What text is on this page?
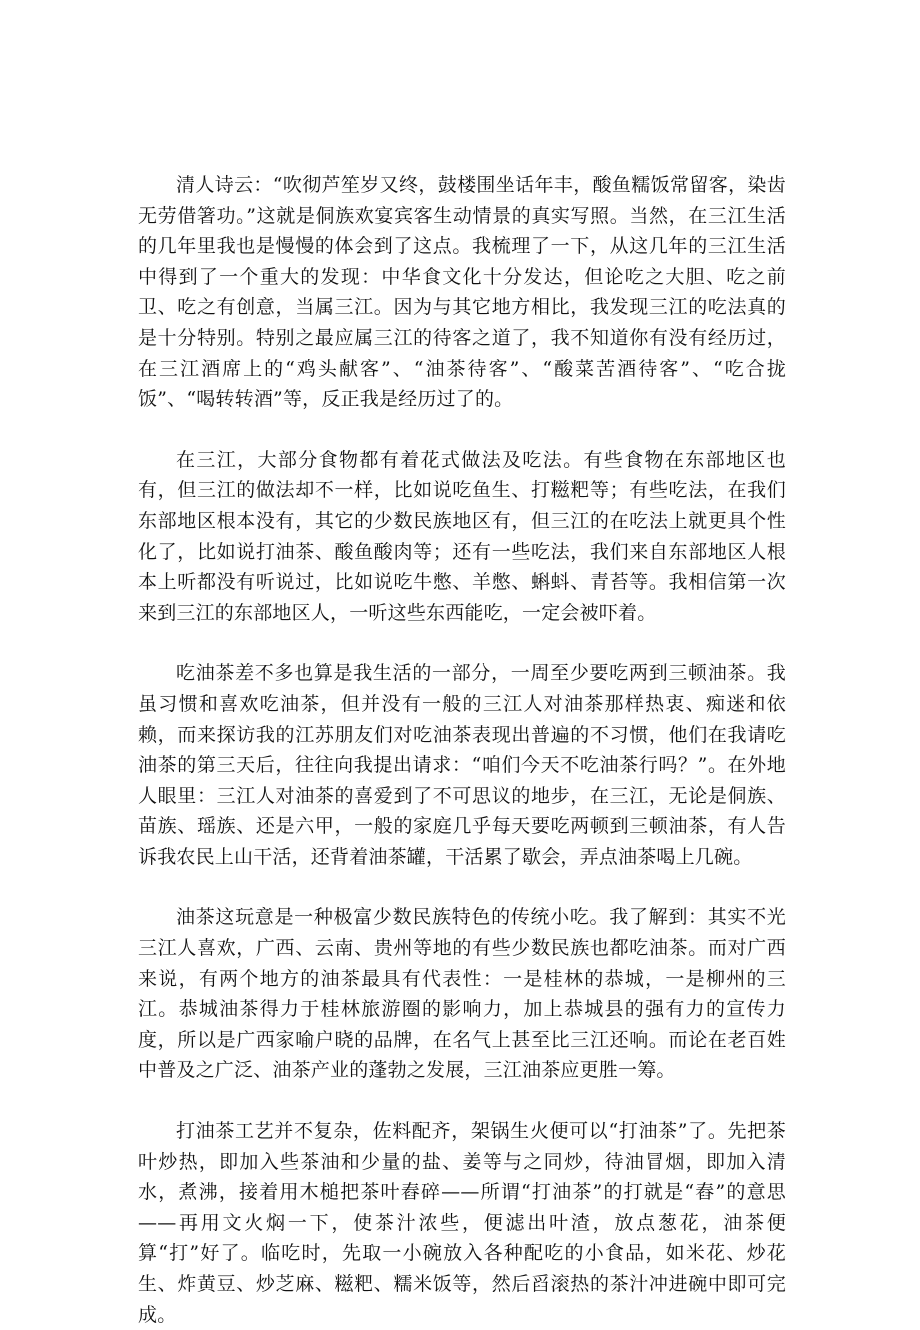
清人诗云：“吹彻芦笙岁又终，鼓楼围坐话年丰，酸鱼糯饭常留客，染齿无劳借箸功。”这就是侗族欢宴宾客生动情景的真实写照。当然，在三江生活的几年里我也是慢慢的体会到了这点。我梳理了一下，从这几年的三江生活中得到了一个重大的发现：中华食文化十分发达，但论吃之大胆、吃之前卫、吃之有创意，当属三江。因为与其它地方相比，我发现三江的吃法真的是十分特别。特别之最应属三江的待客之道了，我不知道你有没有经历过，在三江酒席上的“鸡头献客”、“油茶待客”、“酸菜苦酒待客”、“吃合拢饭”、“喝转转酒”等，反正我是经历过了的。

在三江，大部分食物都有着花式做法及吃法。有些食物在东部地区也有，但三江的做法却不一样，比如说吃鱼生、打糍粑等；有些吃法，在我们东部地区根本没有，其它的少数民族地区有，但三江的在吃法上就更具个性化了，比如说打油茶、酸鱼酸肉等；还有一些吃法，我们来自东部地区人根本上听都没有听说过，比如说吃牛憋、羊憋、蝌蚪、青苔等。我相信第一次来到三江的东部地区人，一听这些东西能吃，一定会被吓着。

吃油茶差不多也算是我生活的一部分，一周至少要吃两到三顿油茶。我虽习惯和喜欢吃油茶，但并没有一般的三江人对油茶那样热衷、痴迷和依赖，而来探访我的江苏朋友们对吃油茶表现出普遍的不习惯，他们在我请吃油茶的第三天后，往往向我提出请求：“咱们今天不吃油茶行吗？”。在外地人眼里：三江人对油茶的喜爱到了不可思议的地步，在三江，无论是侗族、苗族、瑶族、还是六甲，一般的家庭几乎每天要吃两顿到三顿油茶，有人告诉我农民上山干活，还背着油茶罐，干活累了歇会，弄点油茶喝上几碗。

油茶这玩意是一种极富少数民族特色的传统小吃。我了解到：其实不光三江人喜欢，广西、云南、贵州等地的有些少数民族也都吃油茶。而对广西来说，有两个地方的油茶最具有代表性：一是桂林的恭城，一是柳州的三江。恭城油茶得力于桂林旅游圈的影响力，加上恭城县的强有力的宣传力度，所以是广西家喻户晓的品牌，在名气上甚至比三江还响。而论在老百姓中普及之广泛、油茶产业的蓬勃之发展，三江油茶应更胜一筹。

打油茶工艺并不复杂，佐料配齐，架锅生火便可以“打油茶”了。先把茶叶炒热，即加入些茶油和少量的盐、姜等与之同炒，待油冒烟，即加入清水，煮沸，接着用木槌把茶叶舂碎——所谓“打油茶”的打就是“舂”的意思——再用文火焖一下，使茶汁浓些，便滤出叶渣，放点葱花，油茶便算“打”好了。临吃时，先取一小碗放入各种配吃的小食品，如米花、炒花生、炸黄豆、炒芝麻、糍粑、糯米饭等，然后舀滚热的茶汁冲进碗中即可完成。
